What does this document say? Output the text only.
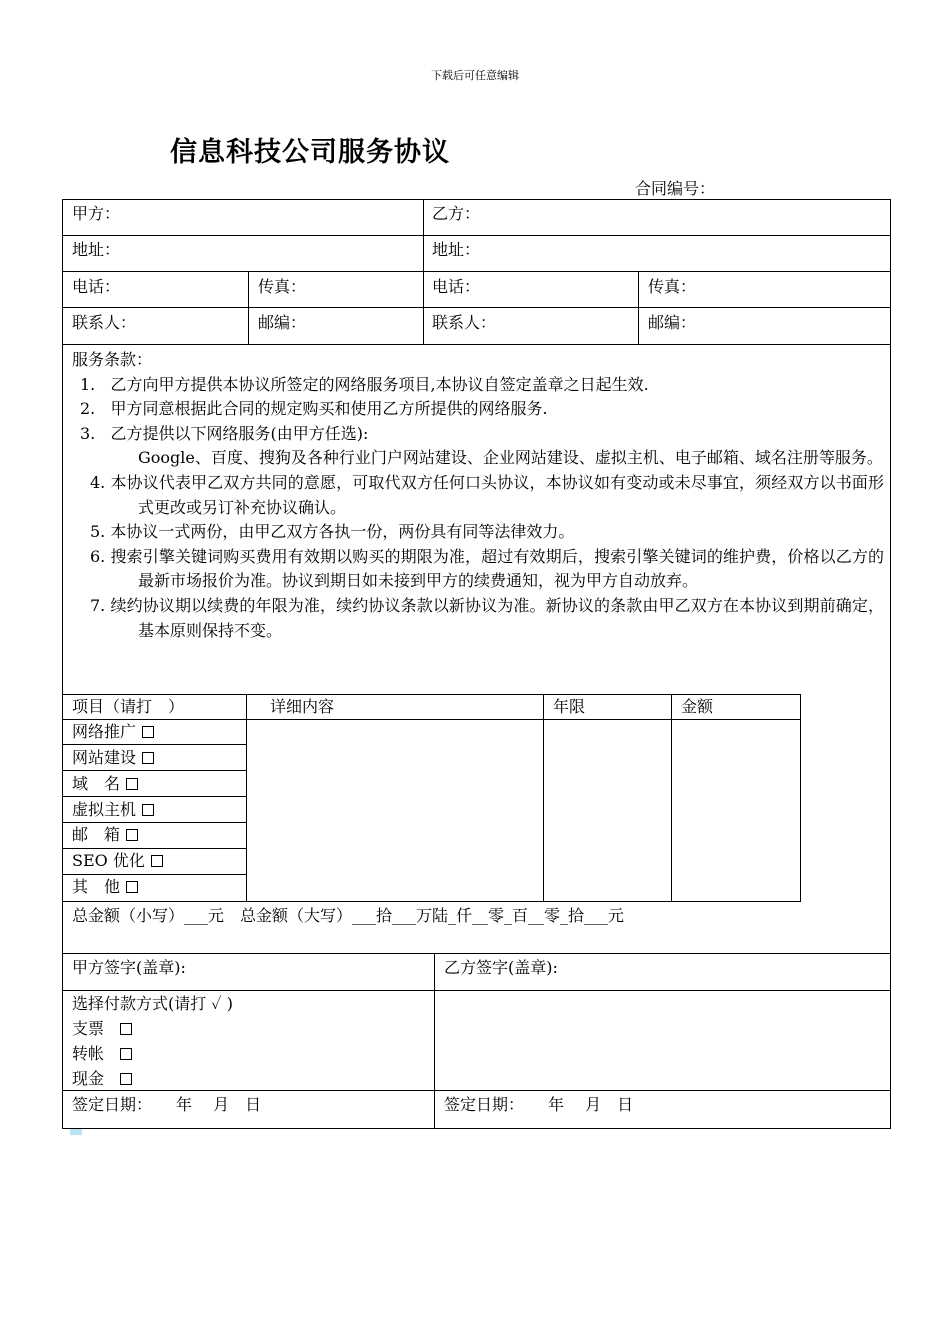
下载后可任意编辑
信息科技公司服务协议
合同编号：
甲方：	乙方：
地址：	地址：
电话：	传真：	电话：	传真：
联系人：	邮编：	联系人：	邮编：

服务条款：

1.   乙方向甲方提供本协议所签定的网络服务项目,本协议自签定盖章之日起生效.

2.   甲方同意根据此合同的规定购买和使用乙方所提供的网络服务.

3.   乙方提供以下网络服务(由甲方任选):

Google、百度、搜狗及各种行业门户网站建设、企业网站建设、虚拟主机、电子邮箱、域名注册等服务。

4. 本协议代表甲乙双方共同的意愿，可取代双方任何口头协议，本协议如有变动或未尽事宜，须经双方以书面形式更改或另订补充协议确认。

5. 本协议一式两份，由甲乙双方各执一份，两份具有同等法律效力。

6. 搜索引擎关键词购买费用有效期以购买的期限为准，超过有效期后，搜索引擎关键词的维护费，价格以乙方的最新市场报价为准。协议到期日如未接到甲方的续费通知，视为甲方自动放弃。

7. 续约协议期以续费的年限为准，续约协议条款以新协议为准。新协议的条款由甲乙双方在本协议到期前确定，基本原则保持不变。

项目（请打　）	详细内容	年限	金额
网络推广
网站建设
域　名
虚拟主机
邮　箱
SEO 优化
其　他
总金额（小写）___元　总金额（大写）___拾___万陆_仟__零_百__零_拾___元
甲方签字(盖章):	乙方签字(盖章):
选择付款方式(请打 ✓ )
支票
转帐
现金
签定日期：　　年　 月　日	签定日期：　　年　 月　日
